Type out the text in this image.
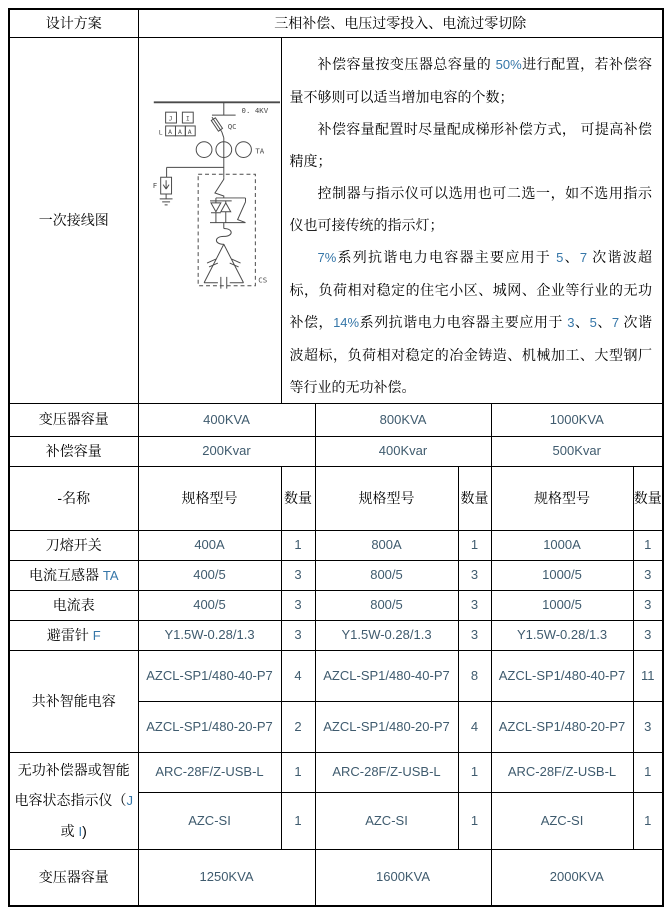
设计方案	三相补偿、电压过零投入、电流过零切除					
一次接线图	
0. 4KV
QC
TA
F
CS
J I
L A A A

补偿容量按变压器总容量的 50%进行配置，若补偿容量不够则可以适当增加电容的个数；

补偿容量配置时尽量配成梯形补偿方式， 可提高补偿精度；

控制器与指示仪可以选用也可二选一，如不选用指示仪也可接传统的指示灯；

7%系列抗谐电力电容器主要应用于 5、7 次谐波超标，负荷相对稳定的住宅小区、城网、企业等行业的无功补偿，14%系列抗谐电力电容器主要应用于 3、5、7 次谐波超标，负荷相对稳定的冶金铸造、机械加工、大型钢厂等行业的无功补偿。

变压器容量	400KVA		800KVA		1000KVA	
补偿容量	200Kvar		400Kvar		500Kvar	
-名称	规格型号	数量	规格型号	数量	规格型号	数量
刀熔开关	400A	1	800A	1	1000A	1
电流互感器 TA	400/5	3	800/5	3	1000/5	3
电流表	400/5	3	800/5	3	1000/5	3
避雷针 F	Y1.5W-0.28/1.3	3	Y1.5W-0.28/1.3	3	Y1.5W-0.28/1.3	3
共补智能电容	AZCL-SP1/480-40-P7	4	AZCL-SP1/480-40-P7	8	AZCL-SP1/480-40-P7	11
	AZCL-SP1/480-20-P7	2	AZCL-SP1/480-20-P7	4	AZCL-SP1/480-20-P7	3
无功补偿器或智能电容状态指示仪（J 或 I)	ARC-28F/Z-USB-L	1	ARC-28F/Z-USB-L	1	ARC-28F/Z-USB-L	1
	AZC-SI	1	AZC-SI	1	AZC-SI	1
变压器容量	1250KVA		1600KVA		2000KVA	
